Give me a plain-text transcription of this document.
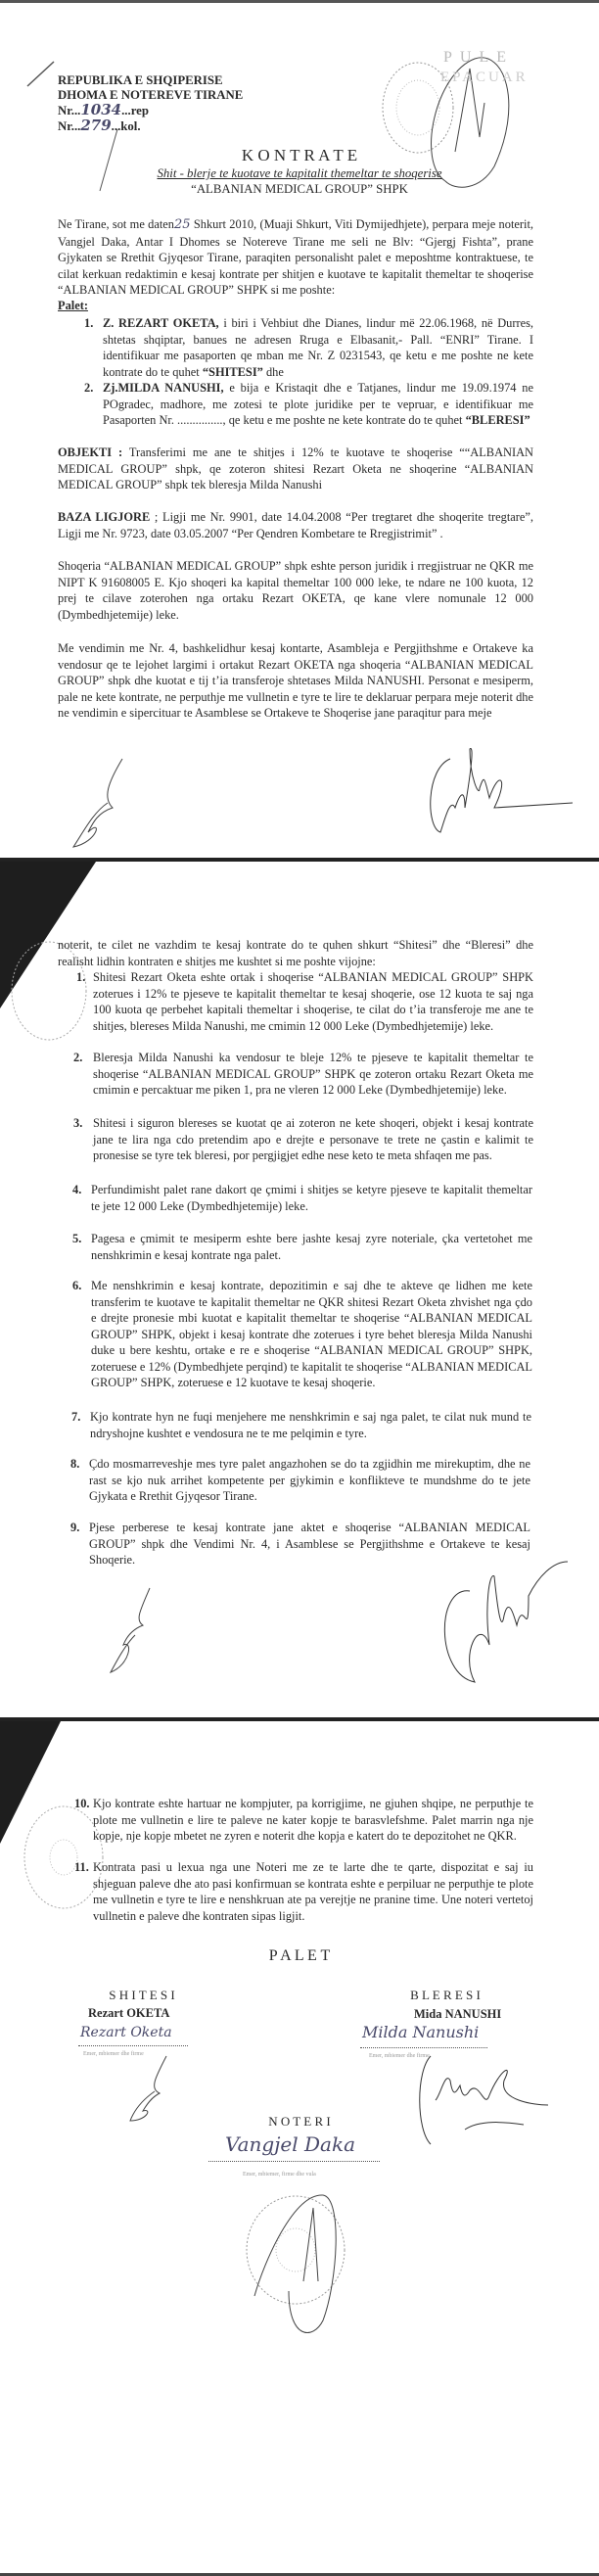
REPUBLIKA E SHQIPERISE
DHOMA E NOTEREVE TIRANE
Nr...1034...rep
Nr...279...kol.
PULE
EPACUAR
K O N T R A T E
Shit - blerje te kuotave te kapitalit themeltar te shoqerise
“ALBANIAN MEDICAL GROUP” SHPK
Ne Tirane, sot me daten25 Shkurt 2010, (Muaji Shkurt, Viti Dymijedhjete), perpara meje noterit, Vangjel Daka, Antar I Dhomes se Notereve Tirane me seli ne Blv: “Gjergj Fishta”, prane Gjykaten se Rrethit Gjyqesor Tirane, paraqiten personalisht palet e meposhtme kontraktuese, te cilat kerkuan redaktimin e kesaj kontrate per shitjen e kuotave te kapitalit themeltar te shoqerise “ALBANIAN MEDICAL GROUP” SHPK si me poshte:
Palet:
1. Z. REZART OKETA, i biri i Vehbiut dhe Dianes, lindur më 22.06.1968, në Durres, shtetas shqiptar, banues ne adresen Rruga e Elbasanit,- Pall. “ENRI” Tirane. I identifikuar me pasaporten qe mban me Nr. Z 0231543, qe ketu e me poshte ne kete kontrate do te quhet “SHITESI” dhe
2. Zj.MILDA NANUSHI, e bija e Kristaqit dhe e Tatjanes, lindur me 19.09.1974 ne POgradec, madhore, me zotesi te plote juridike per te vepruar, e identifikuar me Pasaporten Nr. ..............., qe ketu e me poshte ne kete kontrate do te quhet “BLERESI”
OBJEKTI : Transferimi me ane te shitjes i 12% te kuotave te shoqerise ““ALBANIAN MEDICAL GROUP” shpk, qe zoteron shitesi Rezart Oketa ne shoqerine “ALBANIAN MEDICAL GROUP” shpk tek bleresja Milda Nanushi
BAZA LIGJORE ; Ligji me Nr. 9901, date 14.04.2008 “Per tregtaret dhe shoqerite tregtare”, Ligji me Nr. 9723, date 03.05.2007 “Per Qendren Kombetare te Rregjistrimit” .
Shoqeria “ALBANIAN MEDICAL GROUP” shpk eshte person juridik i rregjistruar ne QKR me NIPT K 91608005 E. Kjo shoqeri ka kapital themeltar 100 000 leke, te ndare ne 100 kuota, 12 prej te cilave zoterohen nga ortaku Rezart OKETA, qe kane vlere nomunale 12 000 (Dymbedhjetemije) leke.
Me vendimin me Nr. 4, bashkelidhur kesaj kontarte, Asambleja e Pergjithshme e Ortakeve ka vendosur qe te lejohet largimi i ortakut Rezart OKETA nga shoqeria “ALBANIAN MEDICAL GROUP” shpk dhe kuotat e tij t’ia transferoje shtetases Milda NANUSHI. Personat e mesiperm, pale ne kete kontrate, ne perputhje me vullnetin e tyre te lire te deklaruar perpara meje noterit dhe ne vendimin e sipercituar te Asamblese se Ortakeve te Shoqerise jane paraqitur para meje
noterit, te cilet ne vazhdim te kesaj kontrate do te quhen shkurt “Shitesi” dhe “Bleresi” dhe realisht lidhin kontraten e shitjes me kushtet si me poshte vijojne:
1. Shitesi Rezart Oketa eshte ortak i shoqerise “ALBANIAN MEDICAL GROUP” SHPK zoterues i 12% te pjeseve te kapitalit themeltar te kesaj shoqerie, ose 12 kuota te saj nga 100 kuota qe perbehet kapitali themeltar i shoqerise, te cilat do t’ia transferoje me ane te shitjes, blereses Milda Nanushi, me cmimin 12 000 Leke (Dymbedhjetemije) leke.
2. Bleresja Milda Nanushi ka vendosur te bleje 12% te pjeseve te kapitalit themeltar te shoqerise “ALBANIAN MEDICAL GROUP” SHPK qe zoteron ortaku Rezart Oketa me cmimin e percaktuar me piken 1, pra ne vleren 12 000 Leke (Dymbedhjetemije) leke.
3. Shitesi i siguron blereses se kuotat qe ai zoteron ne kete shoqeri, objekt i kesaj kontrate jane te lira nga cdo pretendim apo e drejte e personave te trete ne çastin e kalimit te pronesise se tyre tek bleresi, por pergjigjet edhe nese keto te meta shfaqen me pas.
4. Perfundimisht palet rane dakort qe çmimi i shitjes se ketyre pjeseve te kapitalit themeltar te jete 12 000 Leke (Dymbedhjetemije) leke.
5. Pagesa e çmimit te mesiperm eshte bere jashte kesaj zyre noteriale, çka vertetohet me nenshkrimin e kesaj kontrate nga palet.
6. Me nenshkrimin e kesaj kontrate, depozitimin e saj dhe te akteve qe lidhen me kete transferim te kuotave te kapitalit themeltar ne QKR shitesi Rezart Oketa zhvishet nga çdo e drejte pronesie mbi kuotat e kapitalit themeltar te shoqerise “ALBANIAN MEDICAL GROUP” SHPK, objekt i kesaj kontrate dhe zoterues i tyre behet bleresja Milda Nanushi duke u bere keshtu, ortake e re e shoqerise “ALBANIAN MEDICAL GROUP” SHPK, zoteruese e 12% (Dymbedhjete perqind) te kapitalit te shoqerise “ALBANIAN MEDICAL GROUP” SHPK, zoteruese e 12 kuotave te kesaj shoqerie.
7. Kjo kontrate hyn ne fuqi menjehere me nenshkrimin e saj nga palet, te cilat nuk mund te ndryshojne kushtet e vendosura ne te me pelqimin e tyre.
8. Çdo mosmarreveshje mes tyre palet angazhohen se do ta zgjidhin me mirekuptim, dhe ne rast se kjo nuk arrihet kompetente per gjykimin e konflikteve te mundshme do te jete Gjykata e Rrethit Gjyqesor Tirane.
9. Pjese perberese te kesaj kontrate jane aktet e shoqerise “ALBANIAN MEDICAL GROUP” shpk dhe Vendimi Nr. 4, i Asamblese se Pergjithshme e Ortakeve te kesaj Shoqerie.
10. Kjo kontrate eshte hartuar ne kompjuter, pa korrigjime, ne gjuhen shqipe, ne perputhje te plote me vullnetin e lire te paleve ne kater kopje te barasvlefshme. Palet marrin nga nje kopje, nje kopje mbetet ne zyren e noterit dhe kopja e katert do te depozitohet ne QKR.
11. Kontrata pasi u lexua nga une Noteri me ze te larte dhe te qarte, dispozitat e saj iu shjeguan paleve dhe ato pasi konfirmuan se kontrata eshte e perpiluar ne perputhje te plote me vullnetin e tyre te lire e nenshkruan ate pa verejtje ne pranine time. Une noteri vertetoj vullnetin e paleve dhe kontraten sipas ligjit.
P A L E T
S H I T E S I
Rezart OKETA
Rezart Oketa
Emer, mbiemer dhe firme
B L E R E S I
Mida NANUSHI
Milda Nanushi
Emer, mbiemer dhe firme
N O T E R I
Vangjel Daka
Emer, mbiemer, firme dhe vula
